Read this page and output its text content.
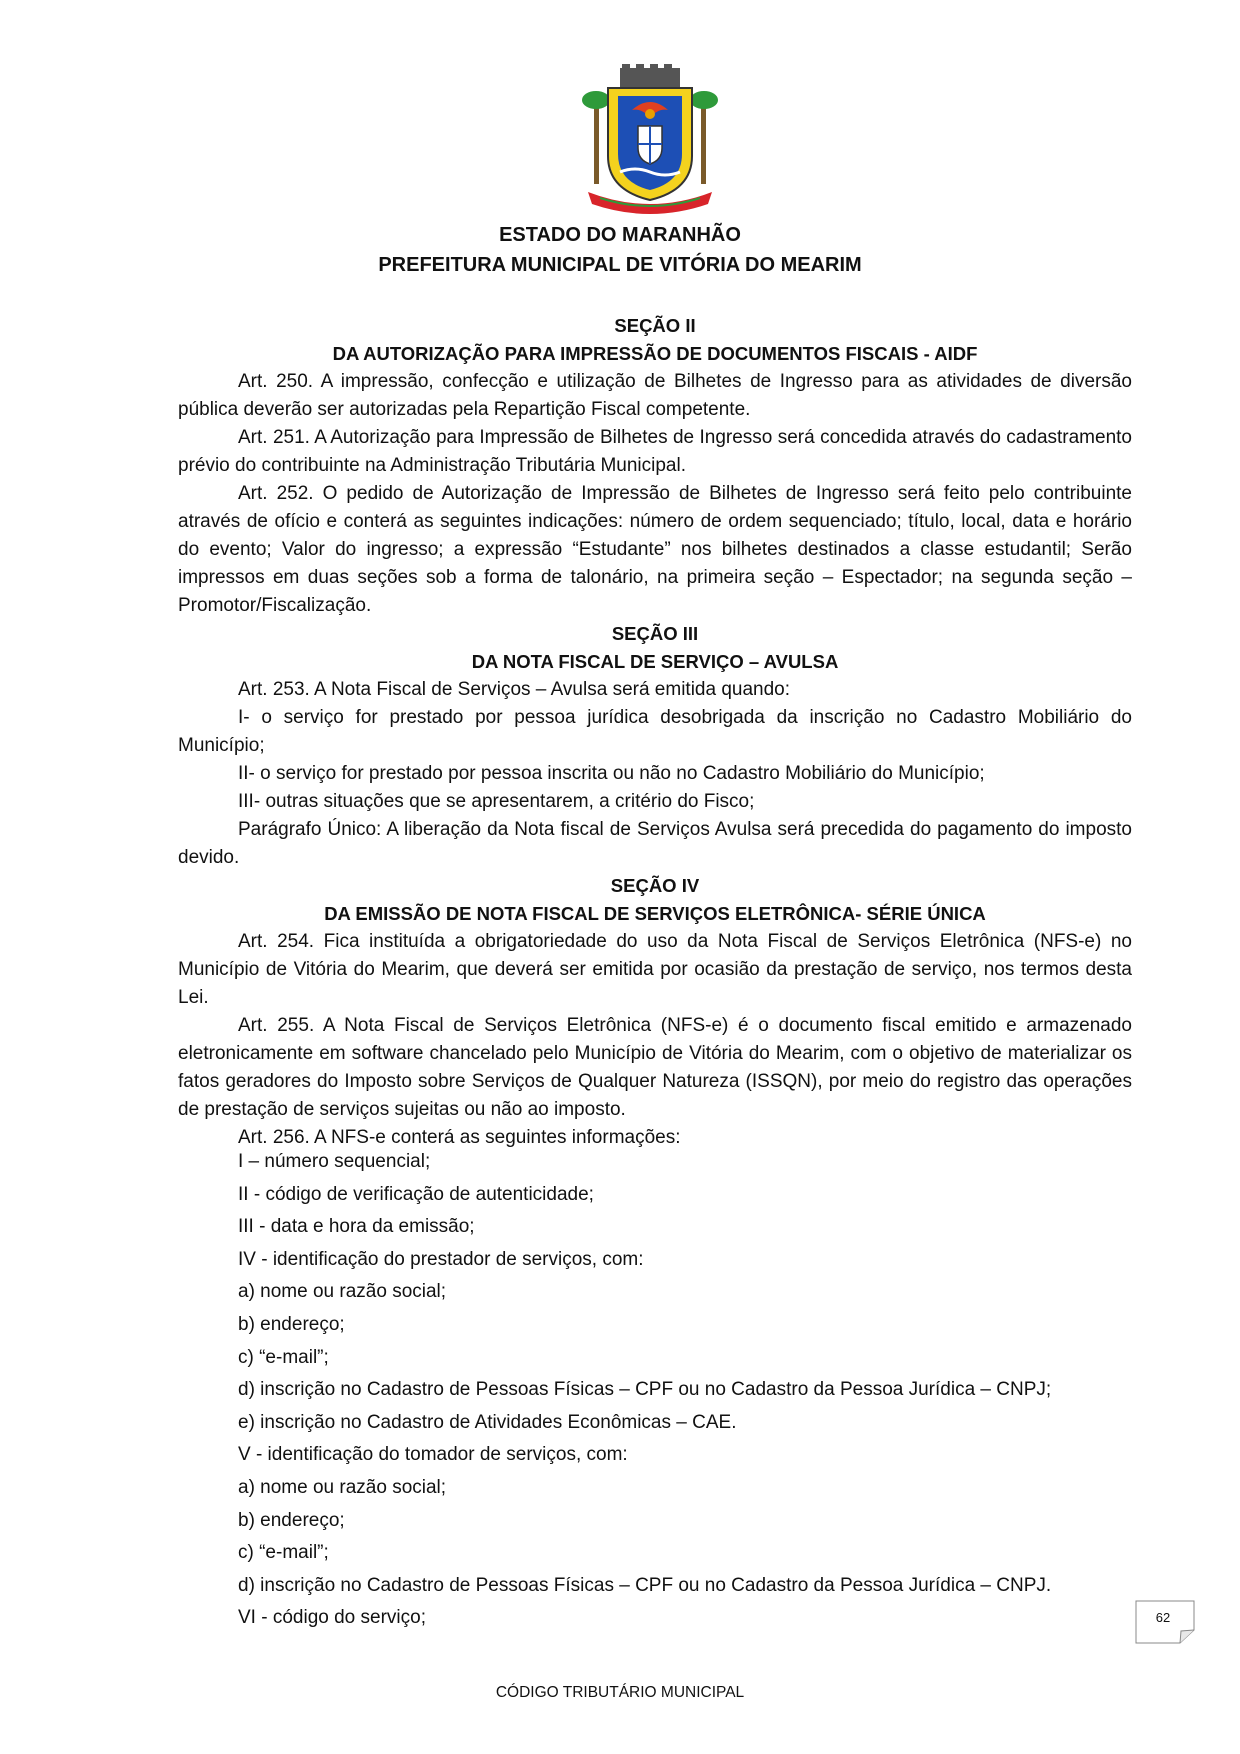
ESTADO DO MARANHÃO
PREFEITURA MUNICIPAL DE VITÓRIA DO MEARIM

SEÇÃO II

DA AUTORIZAÇÃO PARA IMPRESSÃO DE DOCUMENTOS FISCAIS - AIDF

Art. 250. A impressão, confecção e utilização de Bilhetes de Ingresso para as atividades de diversão pública deverão ser autorizadas pela Repartição Fiscal competente.

Art. 251. A Autorização para Impressão de Bilhetes de Ingresso será concedida através do cadastramento prévio do contribuinte na Administração Tributária Municipal.

Art. 252. O pedido de Autorização de Impressão de Bilhetes de Ingresso será feito pelo contribuinte através de ofício e conterá as seguintes indicações: número de ordem sequenciado; título, local, data e horário do evento; Valor do ingresso; a expressão “Estudante” nos bilhetes destinados a classe estudantil; Serão impressos em duas seções sob a forma de talonário, na primeira seção – Espectador; na segunda seção – Promotor/Fiscalização.

SEÇÃO III

DA NOTA FISCAL DE SERVIÇO – AVULSA

Art. 253. A Nota Fiscal de Serviços – Avulsa será emitida quando:

I- o serviço for prestado por pessoa jurídica desobrigada da inscrição no Cadastro Mobiliário do Município;

II- o serviço for prestado por pessoa inscrita ou não no Cadastro Mobiliário do Município;

III- outras situações que se apresentarem, a critério do Fisco;

Parágrafo Único: A liberação da Nota fiscal de Serviços Avulsa será precedida do pagamento do imposto devido.

SEÇÃO IV

DA EMISSÃO DE NOTA FISCAL DE SERVIÇOS ELETRÔNICA- SÉRIE ÚNICA

Art. 254. Fica instituída a obrigatoriedade do uso da Nota Fiscal de Serviços Eletrônica (NFS-e) no Município de Vitória do Mearim, que deverá ser emitida por ocasião da prestação de serviço, nos termos desta Lei.

Art. 255. A Nota Fiscal de Serviços Eletrônica (NFS-e) é o documento fiscal emitido e armazenado eletronicamente em software chancelado pelo Município de Vitória do Mearim, com o objetivo de materializar os fatos geradores do Imposto sobre Serviços de Qualquer Natureza (ISSQN), por meio do registro das operações de prestação de serviços sujeitas ou não ao imposto.

Art. 256. A NFS-e conterá as seguintes informações:

I – número sequencial;

II - código de verificação de autenticidade;

III - data e hora da emissão;

IV - identificação do prestador de serviços, com:

a) nome ou razão social;

b) endereço;

c) “e-mail”;

d) inscrição no Cadastro de Pessoas Físicas – CPF ou no Cadastro da Pessoa Jurídica – CNPJ;

e) inscrição no Cadastro de Atividades Econômicas – CAE.

V - identificação do tomador de serviços, com:

a) nome ou razão social;

b) endereço;

c) “e-mail”;

d) inscrição no Cadastro de Pessoas Físicas – CPF ou no Cadastro da Pessoa Jurídica – CNPJ.

VI - código do serviço;	62
CÓDIGO TRIBUTÁRIO MUNICIPAL
